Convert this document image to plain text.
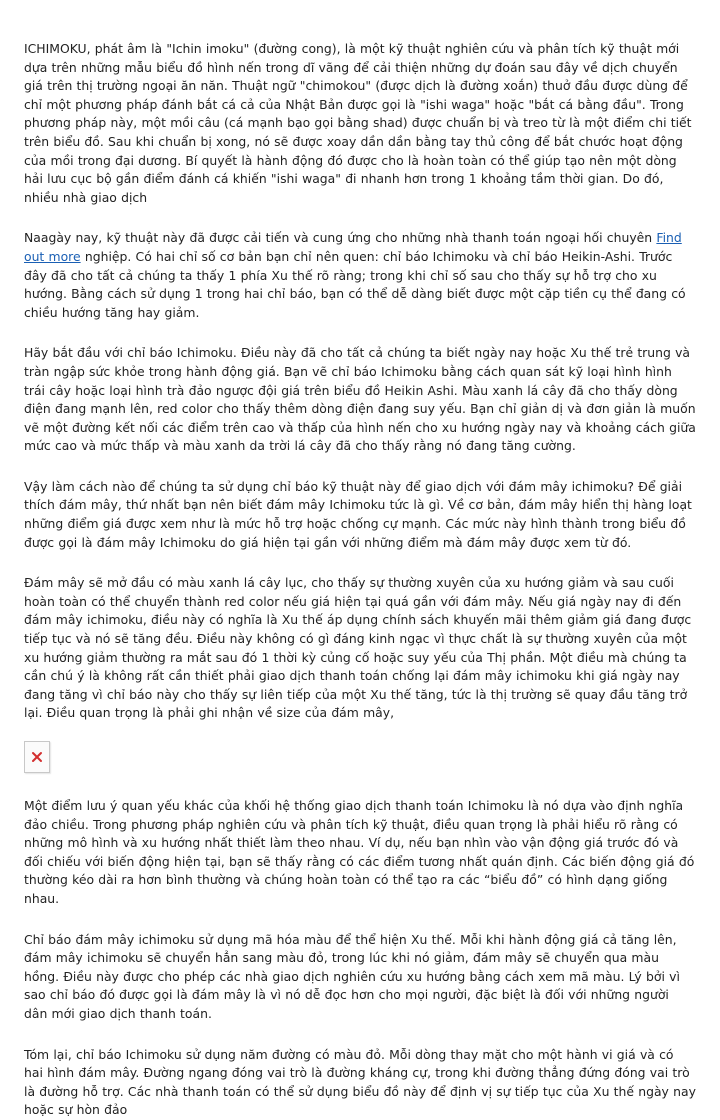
ICHIMOKU, phát âm là "Ichin imoku" (đường cong), là một kỹ thuật nghiên cứu và phân tích kỹ thuật mới dựa trên những mẫu biểu đồ hình nến trong dĩ vãng để cải thiện những dự đoán sau đây về dịch chuyển giá trên thị trường ngoại ăn năn. Thuật ngữ "chimokou" (được dịch là đường xoắn) thuở đầu được dùng để chỉ một phương pháp đánh bắt cá cả của Nhật Bản được gọi là "ishi waga" hoặc "bắt cá bằng đầu". Trong phương pháp này, một mồi câu (cá mạnh bạo gọi bằng shad) được chuẩn bị và treo từ là một điểm chi tiết trên biểu đồ. Sau khi chuẩn bị xong, nó sẽ được xoay dần dần bằng tay thủ công để bắt chước hoạt động của mồi trong đại dương. Bí quyết là hành động đó được cho là hoàn toàn có thể giúp tạo nên một dòng hải lưu cục bộ gần điểm đánh cá khiến "ishi waga" đi nhanh hơn trong 1 khoảng tầm thời gian. Do đó, nhiều nhà giao dịch

Naagày nay, kỹ thuật này đã được cải tiến và cung ứng cho những nhà thanh toán ngoại hối chuyên Find out more nghiệp. Có hai chỉ số cơ bản bạn chỉ nên quen: chỉ báo Ichimoku và chỉ báo Heikin-Ashi. Trước đây đã cho tất cả chúng ta thấy 1 phía Xu thế rõ ràng; trong khi chỉ số sau cho thấy sự hỗ trợ cho xu hướng. Bằng cách sử dụng 1 trong hai chỉ báo, bạn có thể dễ dàng biết được một cặp tiền cụ thể đang có chiều hướng tăng hay giảm.

Hãy bắt đầu với chỉ báo Ichimoku. Điều này đã cho tất cả chúng ta biết ngày nay hoặc Xu thế trẻ trung và tràn ngập sức khỏe trong hành động giá. Bạn vẽ chỉ báo Ichimoku bằng cách quan sát kỹ loại hình hình trái cây hoặc loại hình trà đảo ngược đội giá trên biểu đồ Heikin Ashi. Màu xanh lá cây đã cho thấy dòng điện đang mạnh lên, red color cho thấy thêm dòng điện đang suy yếu. Bạn chỉ giản dị và đơn giản là muốn vẽ một đường kết nối các điểm trên cao và thấp của hình nến cho xu hướng ngày nay và khoảng cách giữa mức cao và mức thấp và màu xanh da trời lá cây đã cho thấy rằng nó đang tăng cường.

Vậy làm cách nào để chúng ta sử dụng chỉ báo kỹ thuật này để giao dịch với đám mây ichimoku? Để giải thích đám mây, thứ nhất bạn nên biết đám mây Ichimoku tức là gì. Về cơ bản, đám mây hiển thị hàng loạt những điểm giá được xem như là mức hỗ trợ hoặc chống cự mạnh. Các mức này hình thành trong biểu đồ được gọi là đám mây Ichimoku do giá hiện tại gần với những điểm mà đám mây được xem từ đó.

Đám mây sẽ mở đầu có màu xanh lá cây lục, cho thấy sự thường xuyên của xu hướng giảm và sau cuối hoàn toàn có thể chuyển thành red color nếu giá hiện tại quá gần với đám mây. Nếu giá ngày nay đi đến đám mây ichimoku, điều này có nghĩa là Xu thế áp dụng chính sách khuyến mãi thêm giảm giá đang được tiếp tục và nó sẽ tăng đều. Điều này không có gì đáng kinh ngạc vì thực chất là sự thường xuyên của một xu hướng giảm thường ra mắt sau đó 1 thời kỳ củng cố hoặc suy yếu của Thị phần. Một điều mà chúng ta cần chú ý là không rất cần thiết phải giao dịch thanh toán chống lại đám mây ichimoku khi giá ngày nay đang tăng vì chỉ báo này cho thấy sự liên tiếp của một Xu thế tăng, tức là thị trường sẽ quay đầu tăng trở lại. Điều quan trọng là phải ghi nhận về size của đám mây,

Một điểm lưu ý quan yếu khác của khối hệ thống giao dịch thanh toán Ichimoku là nó dựa vào định nghĩa đảo chiều. Trong phương pháp nghiên cứu và phân tích kỹ thuật, điều quan trọng là phải hiểu rõ rằng có những mô hình và xu hướng nhất thiết làm theo nhau. Ví dụ, nếu bạn nhìn vào vận động giá trước đó và đối chiếu với biến động hiện tại, bạn sẽ thấy rằng có các điểm tương nhất quán định. Các biến động giá đó thường kéo dài ra hơn bình thường và chúng hoàn toàn có thể tạo ra các “biểu đồ” có hình dạng giống nhau.

Chỉ báo đám mây ichimoku sử dụng mã hóa màu để thể hiện Xu thế. Mỗi khi hành động giá cả tăng lên, đám mây ichimoku sẽ chuyển hẳn sang màu đỏ, trong lúc khi nó giảm, đám mây sẽ chuyển qua màu hồng. Điều này được cho phép các nhà giao dịch nghiên cứu xu hướng bằng cách xem mã màu. Lý bởi vì sao chỉ báo đó được gọi là đám mây là vì nó dễ đọc hơn cho mọi người, đặc biệt là đối với những người dân mới giao dịch thanh toán.

Tóm lại, chỉ báo Ichimoku sử dụng năm đường có màu đỏ. Mỗi dòng thay mặt cho một hành vi giá và có hai hình đám mây. Đường ngang đóng vai trò là đường kháng cự, trong khi đường thẳng đứng đóng vai trò là đường hỗ trợ. Các nhà thanh toán có thể sử dụng biểu đồ này để định vị sự tiếp tục của Xu thế ngày nay hoặc sự hòn đảo
